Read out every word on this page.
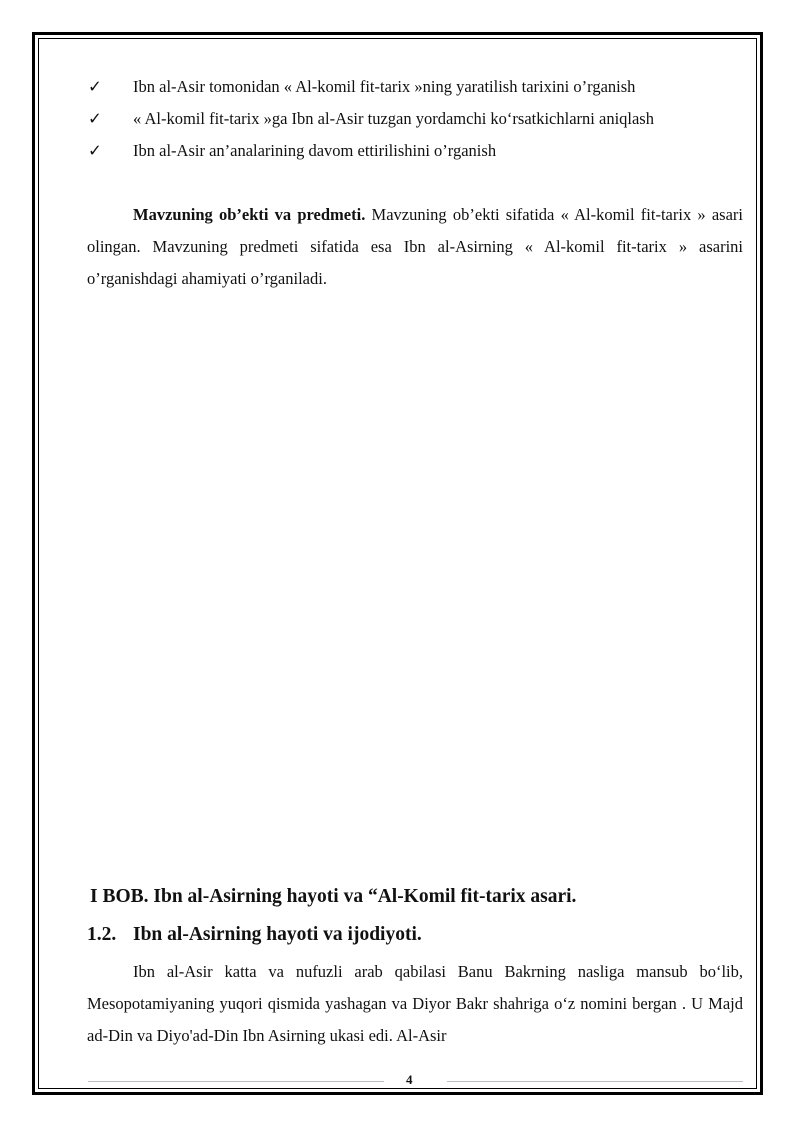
✓ Ibn al-Asir tomonidan « Al-komil fit-tarix »ning yaratilish tarixini o’rganish
✓ « Al-komil fit-tarix »ga Ibn al-Asir tuzgan yordamchi ko‘rsatkichlarni aniqlash
✓ Ibn al-Asir an’analarining davom ettirilishini o’rganish
Mavzuning ob’ekti va predmeti. Mavzuning ob’ekti sifatida « Al-komil fit-tarix » asari olingan. Mavzuning predmeti sifatida esa Ibn al-Asirning « Al-komil fit-tarix » asarini o’rganishdagi ahamiyati o’rganiladi.
I BOB. Ibn al-Asirning hayoti va “Al-Komil fit-tarix asari.
1.2. Ibn al-Asirning hayoti va ijodiyoti.
Ibn al-Asir katta va nufuzli arab qabilasi Banu Bakrning nasliga mansub bo‘lib, Mesopotamiyaning yuqori qismida yashagan va Diyor Bakr shahriga o‘z nomini bergan . U Majd ad-Din va Diyo'ad-Din Ibn Asirning ukasi edi. Al-Asir
4
